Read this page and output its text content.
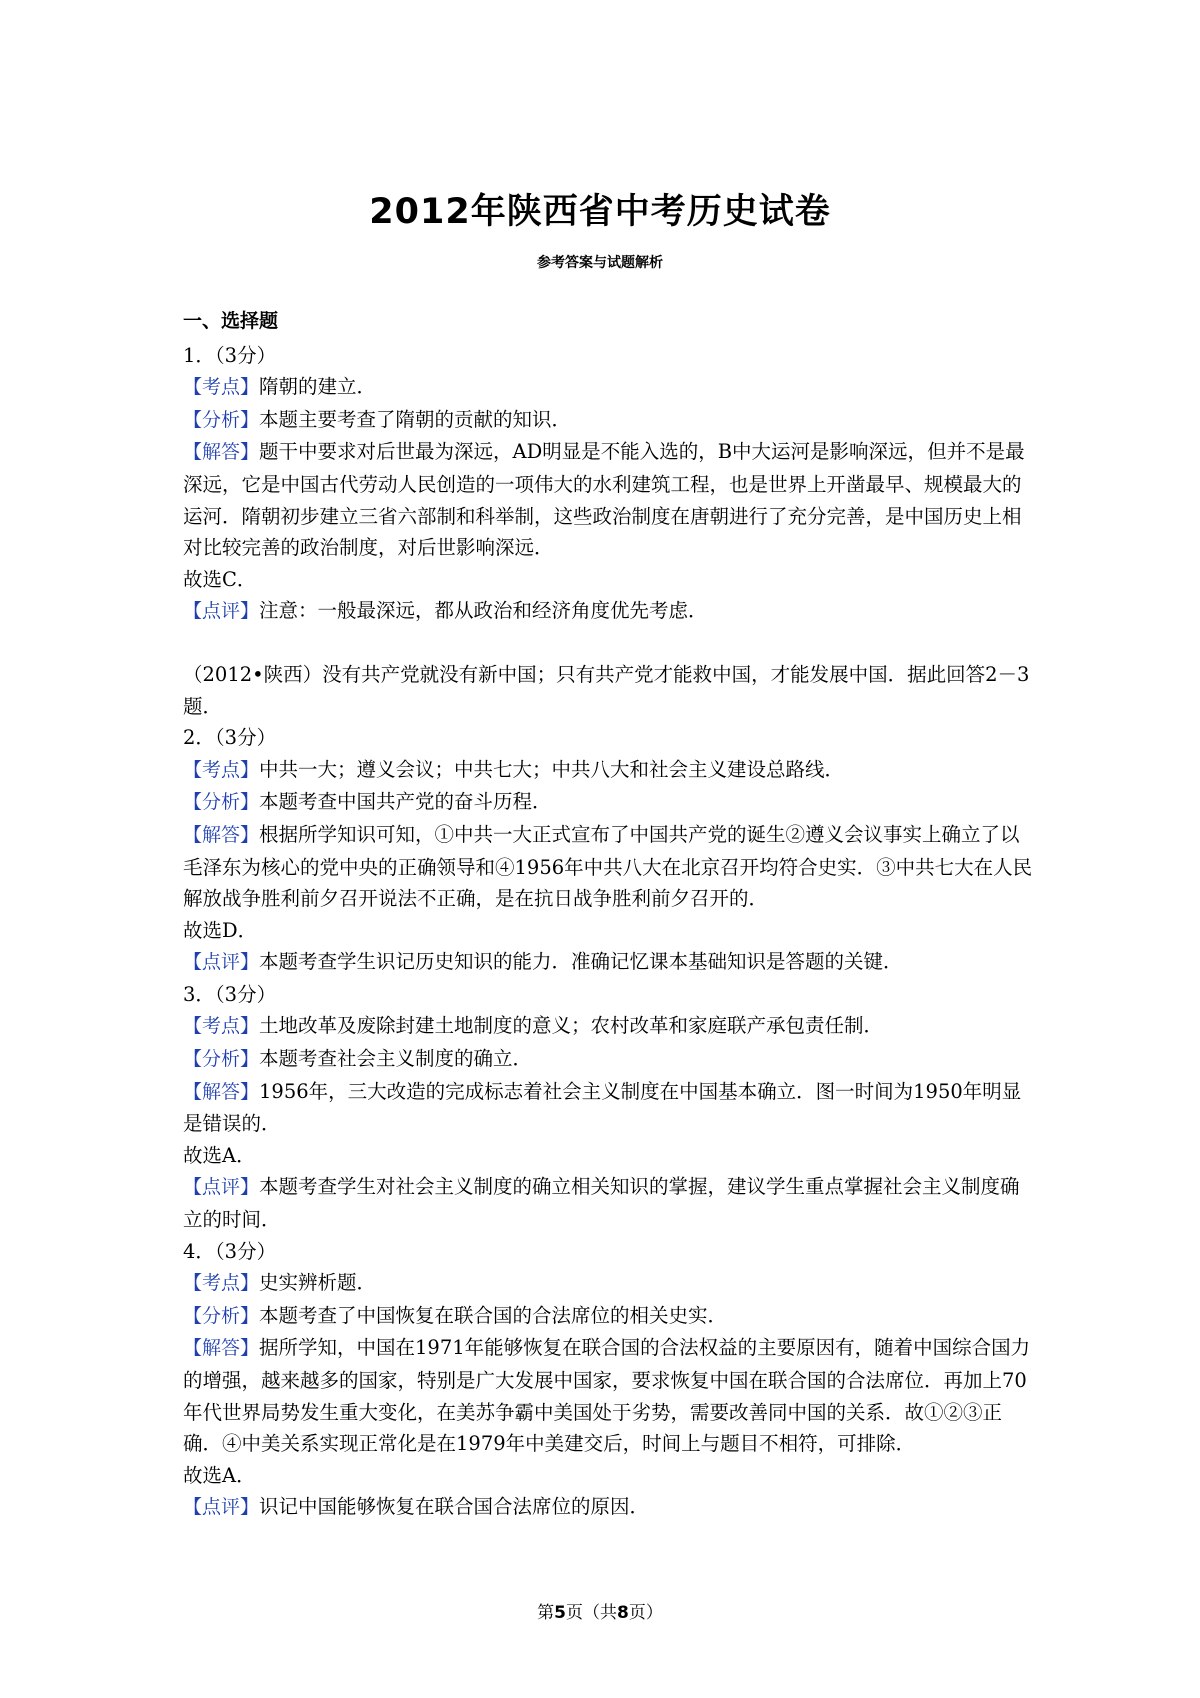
2012年陕西省中考历史试卷
参考答案与试题解析

一、选择题

1．（3分）

【考点】隋朝的建立．

【分析】本题主要考查了隋朝的贡献的知识．

【解答】题干中要求对后世最为深远，AD明显是不能入选的，B中大运河是影响深远，但并不是最深远，它是中国古代劳动人民创造的一项伟大的水利建筑工程，也是世界上开凿最早、规模最大的运河．隋朝初步建立三省六部制和科举制，这些政治制度在唐朝进行了充分完善，是中国历史上相对比较完善的政治制度，对后世影响深远．

故选C．

【点评】注意：一般最深远，都从政治和经济角度优先考虑．

（2012•陕西）没有共产党就没有新中国；只有共产党才能救中国，才能发展中国．据此回答2－3题．

2．（3分）

【考点】中共一大；遵义会议；中共七大；中共八大和社会主义建设总路线．

【分析】本题考查中国共产党的奋斗历程．

【解答】根据所学知识可知，①中共一大正式宣布了中国共产党的诞生②遵义会议事实上确立了以毛泽东为核心的党中央的正确领导和④1956年中共八大在北京召开均符合史实．③中共七大在人民解放战争胜利前夕召开说法不正确，是在抗日战争胜利前夕召开的．

故选D．

【点评】本题考查学生识记历史知识的能力．准确记忆课本基础知识是答题的关键．

3．（3分）

【考点】土地改革及废除封建土地制度的意义；农村改革和家庭联产承包责任制．

【分析】本题考查社会主义制度的确立．

【解答】1956年，三大改造的完成标志着社会主义制度在中国基本确立．图一时间为1950年明显是错误的．

故选A．

【点评】本题考查学生对社会主义制度的确立相关知识的掌握，建议学生重点掌握社会主义制度确立的时间．

4．（3分）

【考点】史实辨析题．

【分析】本题考查了中国恢复在联合国的合法席位的相关史实．

【解答】据所学知，中国在1971年能够恢复在联合国的合法权益的主要原因有，随着中国综合国力的增强，越来越多的国家，特别是广大发展中国家，要求恢复中国在联合国的合法席位．再加上70年代世界局势发生重大变化，在美苏争霸中美国处于劣势，需要改善同中国的关系．故①②③正确．④中美关系实现正常化是在1979年中美建交后，时间上与题目不相符，可排除．

故选A．

【点评】识记中国能够恢复在联合国合法席位的原因．

第5页（共8页）
